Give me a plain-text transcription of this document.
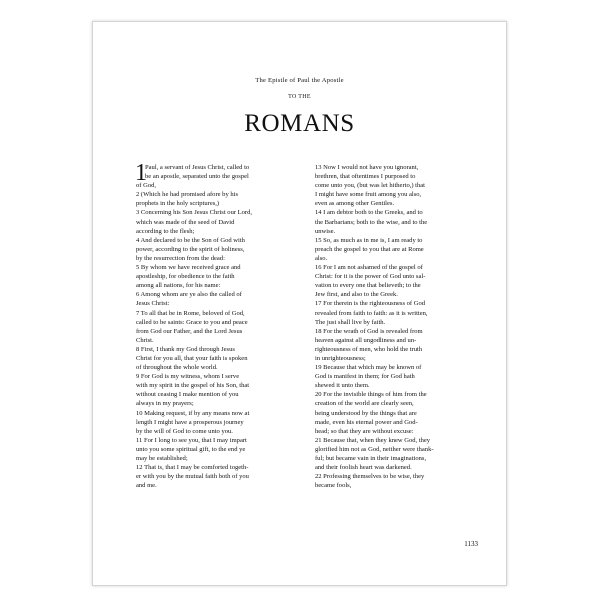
The Epistle of Paul the Apostle
TO THE
ROMANS
1
Paul, a servant of Jesus Christ, called to
be an apostle, separated unto the gospel
of God,
2 (Which he had promised afore by his
prophets in the holy scriptures,)
3 Concerning his Son Jesus Christ our Lord,
which was made of the seed of David
according to the flesh;
4 And declared to be the Son of God with
power, according to the spirit of holiness,
by the resurrection from the dead:
5 By whom we have received grace and
apostleship, for obedience to the faith
among all nations, for his name:
6 Among whom are ye also the called of
Jesus Christ:
7 To all that be in Rome, beloved of God,
called to be saints: Grace to you and peace
from God our Father, and the Lord Jesus
Christ.
8 First, I thank my God through Jesus
Christ for you all, that your faith is spoken
of throughout the whole world.
9 For God is my witness, whom I serve
with my spirit in the gospel of his Son, that
without ceasing I make mention of you
always in my prayers;
10 Making request, if by any means now at
length I might have a prosperous journey
by the will of God to come unto you.
11 For I long to see you, that I may impart
unto you some spiritual gift, to the end ye
may be established;
12 That is, that I may be comforted togeth-
er with you by the mutual faith both of you
and me.
13 Now I would not have you ignorant,
brethren, that oftentimes I purposed to
come unto you, (but was let hitherto,) that
I might have some fruit among you also,
even as among other Gentiles.
14 I am debtor both to the Greeks, and to
the Barbarians; both to the wise, and to the
unwise.
15 So, as much as in me is, I am ready to
preach the gospel to you that are at Rome
also.
16 For I am not ashamed of the gospel of
Christ: for it is the power of God unto sal-
vation to every one that believeth; to the
Jew first, and also to the Greek.
17 For therein is the righteousness of God
revealed from faith to faith: as it is written,
The just shall live by faith.
18 For the wrath of God is revealed from
heaven against all ungodliness and un-
righteousness of men, who hold the truth
in unrighteousness;
19 Because that which may be known of
God is manifest in them; for God hath
shewed it unto them.
20 For the invisible things of him from the
creation of the world are clearly seen,
being understood by the things that are
made, even his eternal power and God-
head; so that they are without excuse:
21 Because that, when they knew God, they
glorified him not as God, neither were thank-
ful; but became vain in their imaginations,
and their foolish heart was darkened.
22 Professing themselves to be wise, they
became fools,
1133
